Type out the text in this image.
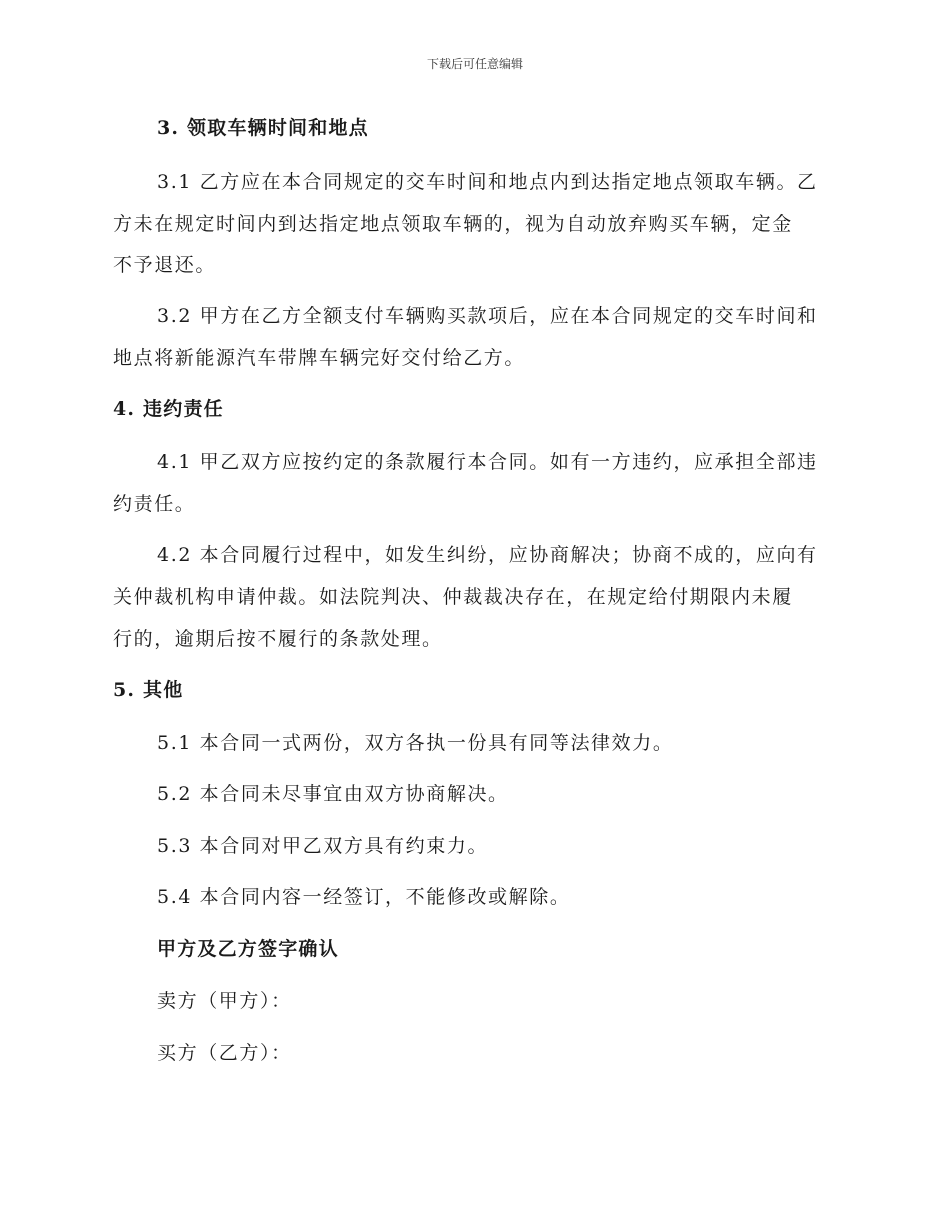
下载后可任意编辑
3. 领取车辆时间和地点
3.1 乙方应在本合同规定的交车时间和地点内到达指定地点领取车辆。乙
方未在规定时间内到达指定地点领取车辆的，视为自动放弃购买车辆，定金
不予退还。
3.2 甲方在乙方全额支付车辆购买款项后，应在本合同规定的交车时间和
地点将新能源汽车带牌车辆完好交付给乙方。
4. 违约责任
4.1 甲乙双方应按约定的条款履行本合同。如有一方违约，应承担全部违
约责任。
4.2 本合同履行过程中，如发生纠纷，应协商解决；协商不成的，应向有
关仲裁机构申请仲裁。如法院判决、仲裁裁决存在，在规定给付期限内未履
行的，逾期后按不履行的条款处理。
5. 其他
5.1 本合同一式两份，双方各执一份具有同等法律效力。
5.2 本合同未尽事宜由双方协商解决。
5.3 本合同对甲乙双方具有约束力。
5.4 本合同内容一经签订，不能修改或解除。
甲方及乙方签字确认
卖方（甲方）：
买方（乙方）：
